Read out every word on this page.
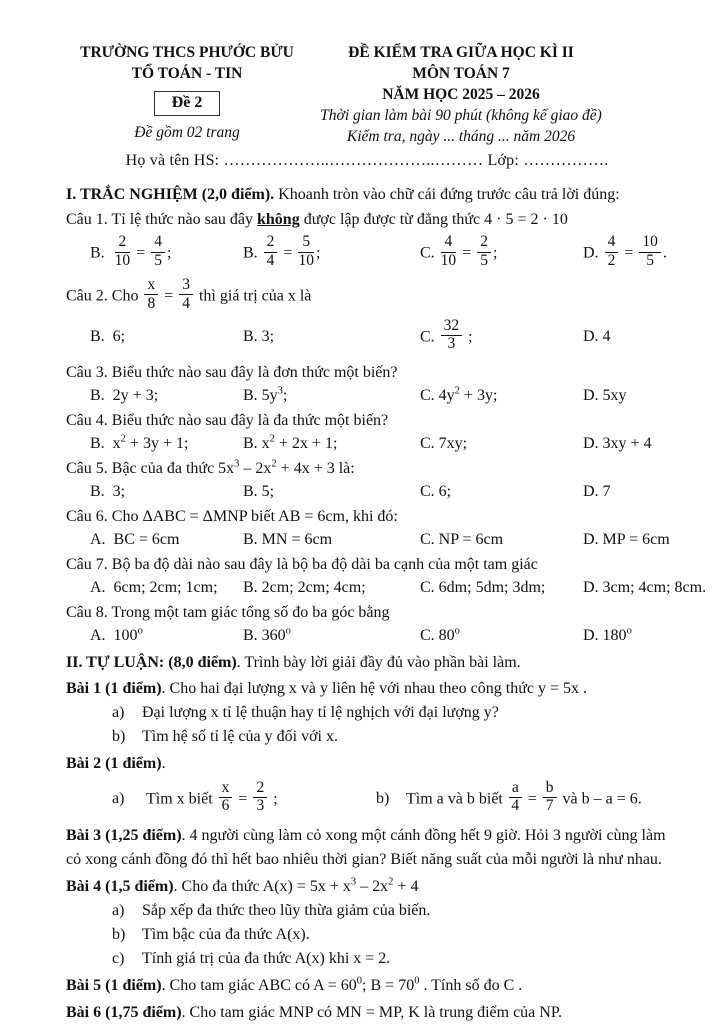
TRƯỜNG THCS PHƯỚC BỬU
TỔ TOÁN - TIN
Đề 2
Đề gồm 02 trang
ĐỀ KIỂM TRA GIỮA HỌC KÌ II
MÔN TOÁN 7
NĂM HỌC 2025 – 2026
Thời gian làm bài 90 phút (không kể giao đề)
Kiểm tra, ngày ... tháng ... năm 2026
Họ và tên HS: ………………..………………..……… Lớp: …………….

I. TRẮC NGHIỆM (2,0 điểm). Khoanh tròn vào chữ cái đứng trước câu trả lời đúng:

Câu 1. Tỉ lệ thức nào sau đây không được lập được từ đẳng thức 4 · 5 = 2 · 10

B. $\frac{2}{10} = \frac{4}{5}$ ;	B. $\frac{2}{4} = \frac{5}{10}$ ;	C. $\frac{4}{10} = \frac{2}{5}$ ;	D. $\frac{4}{2} = \frac{10}{5}$ .

Câu 2. Cho $\frac{x}{8} = \frac{3}{4}$ thì giá trị của x là

B.  6;	B. 3;	C. $\frac{32}{3}$ ;	D. 4

Câu 3. Biểu thức nào sau đây là đơn thức một biến?

B.  2y + 3;	B. $5y^3$;	C. $4y^2 + 3y$;	D. 5xy

Câu 4. Biểu thức nào sau đây là đa thức một biến?

B.  $x^2 + 3y + 1$;	B. $x^2 + 2x + 1$;	C. 7xy;	D. 3xy + 4

Câu 5. Bậc của đa thức $5x^3 - 2x^2 + 4x + 3$ là:

B.  3;	B. 5;	C. 6;	D. 7

Câu 6. Cho ΔABC = ΔMNP biết AB = 6cm, khi đó:

A.  BC = 6cm	B. MN = 6cm	C. NP = 6cm	D. MP = 6cm

Câu 7. Bộ ba độ dài nào sau đây là bộ ba độ dài ba cạnh của một tam giác

A.  6cm; 2cm; 1cm;	B. 2cm; 2cm; 4cm;	C. 6dm; 5dm; 3dm;	D. 3cm; 4cm; 8cm.

Câu 8. Trong một tam giác tổng số đo ba góc bằng

A.  100$^o$	B. 360$^o$	C. 80$^o$	D. 180$^o$

II. TỰ LUẬN: (8,0 điểm). Trình bày lời giải đầy đủ vào phần bài làm.

Bài 1 (1 điểm). Cho hai đại lượng x và y liên hệ với nhau theo công thức y = 5x .

a)	Đại lượng x tỉ lệ thuận hay tỉ lệ nghịch với đại lượng y?
b)	Tìm hệ số tỉ lệ của y đối với x.

Bài 2 (1 điểm).

a)	Tìm x biết $\frac{x}{6} = \frac{2}{3}$ ;	b)	Tìm a và b biết $\frac{a}{4} = \frac{b}{7}$ và b – a = 6.

Bài 3 (1,25 điểm). 4 người cùng làm cỏ xong một cánh đồng hết 9 giờ. Hỏi 3 người cùng làm cỏ xong cánh đồng đó thì hết bao nhiêu thời gian? Biết năng suất của mỗi người là như nhau.

Bài 4 (1,5 điểm). Cho đa thức $A(x) = 5x + x^3 - 2x^2 + 4$

a)	Sắp xếp đa thức theo lũy thừa giảm của biến.
b)	Tìm bậc của đa thức A(x).
c)	Tính giá trị của đa thức A(x) khi x = 2.

Bài 5 (1 điểm). Cho tam giác ABC có $A = 60^0$; $B = 70^0$ . Tính số đo C .

Bài 6 (1,75 điểm). Cho tam giác MNP có MN = MP, K là trung điểm của NP.
